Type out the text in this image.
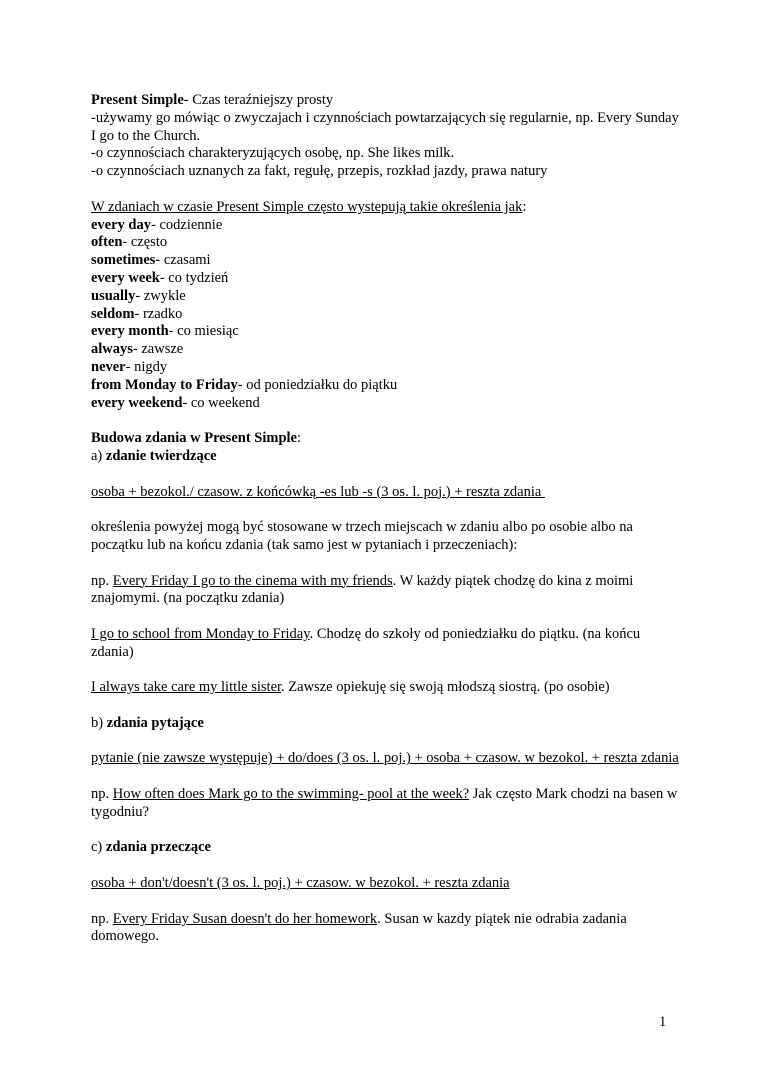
Present Simple- Czas teraźniejszy prosty

-używamy go mówiąc o zwyczajach i czynnościach powtarzających się regularnie, np. Every Sunday I go to the Church.

-o czynnościach charakteryzujących osobę, np. She likes milk.

-o czynnościach uznanych za fakt, regułę, przepis, rozkład jazdy, prawa natury

W zdaniach w czasie Present Simple często wystepują takie określenia jak:

every day- codziennie

often- często

sometimes- czasami

every week- co tydzień

usually- zwykle

seldom- rzadko

every month- co miesiąc

always- zawsze

never- nigdy

from Monday to Friday- od poniedziałku do piątku

every weekend- co weekend

Budowa zdania w Present Simple:

a) zdanie twierdzące

osoba + bezokol./ czasow. z końcówką -es lub -s (3 os. l. poj.) + reszta zdania

określenia powyżej mogą być stosowane w trzech miejscach w zdaniu albo po osobie albo na początku lub na końcu zdania (tak samo jest w pytaniach i przeczeniach):

np. Every Friday I go to the cinema with my friends. W każdy piątek chodzę do kina z moimi znajomymi. (na początku zdania)

I go to school from Monday to Friday. Chodzę do szkoły od poniedziałku do piątku. (na końcu zdania)

I always take care my little sister. Zawsze opiekuję się swoją młodszą siostrą. (po osobie)

b) zdania pytające

pytanie (nie zawsze występuje) + do/does (3 os. l. poj.) + osoba + czasow. w bezokol. + reszta zdania

np. How often does Mark go to the swimming- pool at the week? Jak często Mark chodzi na basen w tygodniu?

c) zdania przeczące

osoba + don't/doesn't (3 os. l. poj.) + czasow. w bezokol. + reszta zdania

np. Every Friday Susan doesn't do her homework. Susan w kazdy piątek nie odrabia zadania domowego.

1
